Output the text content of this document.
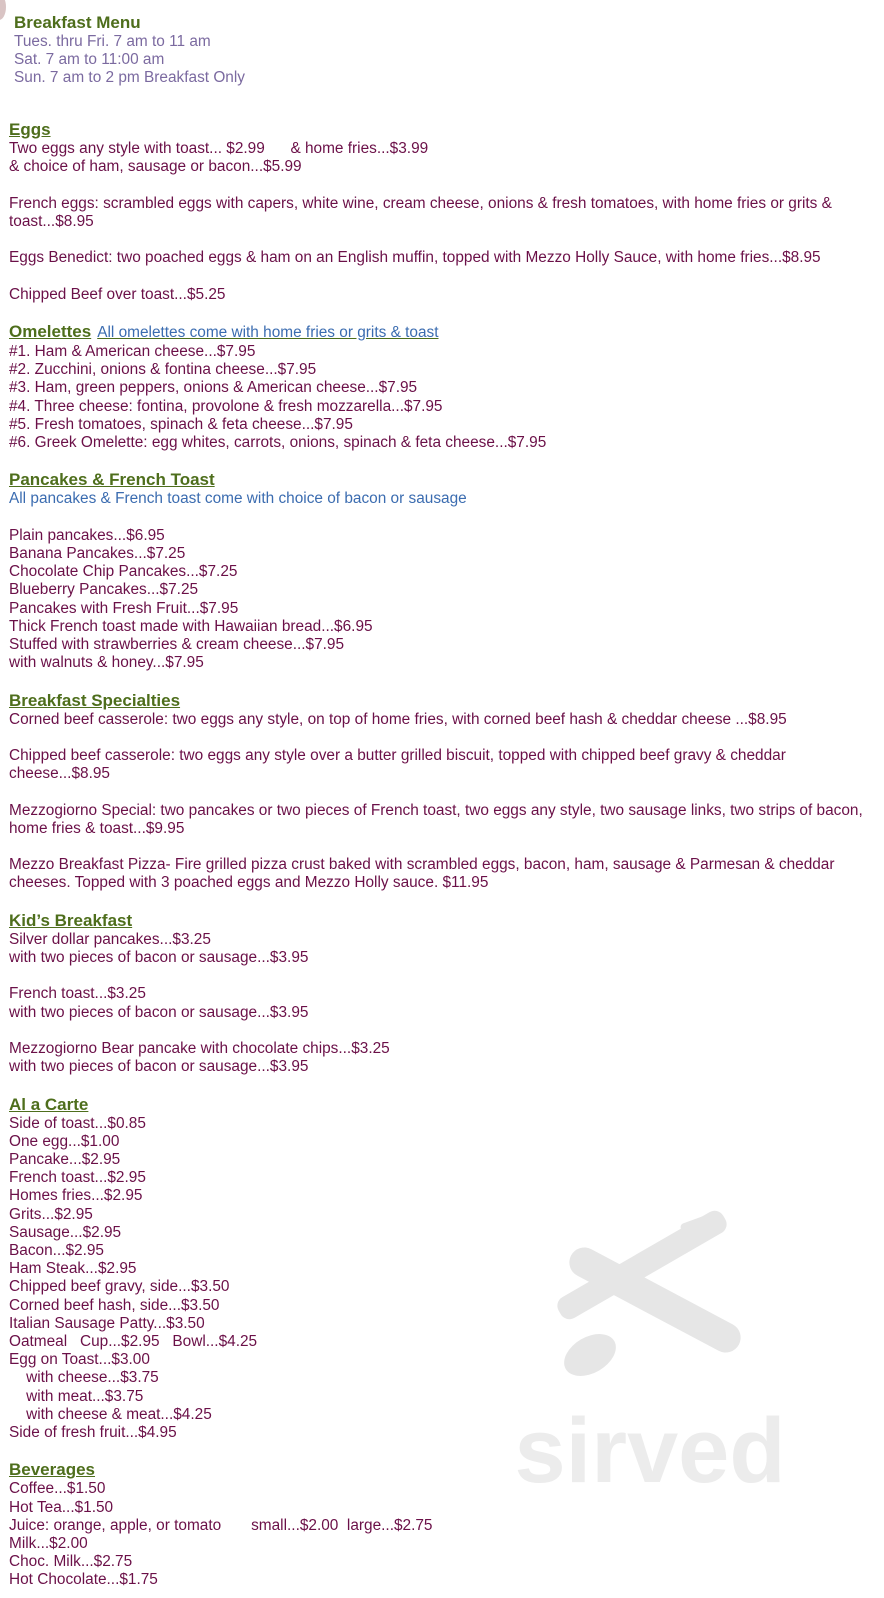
Breakfast Menu
Tues. thru Fri. 7 am to 11 am
Sat. 7 am to 11:00 am
Sun. 7 am to 2 pm Breakfast Only
Eggs
Two eggs any style with toast... $2.99      & home fries...$3.99
& choice of ham, sausage or bacon...$5.99
French eggs: scrambled eggs with capers, white wine, cream cheese, onions & fresh tomatoes, with home fries or grits & toast...$8.95
Eggs Benedict: two poached eggs & ham on an English muffin, topped with Mezzo Holly Sauce, with home fries...$8.95
Chipped Beef over toast...$5.25
Omelettes All omelettes come with home fries or grits & toast
#1. Ham & American cheese...$7.95
#2. Zucchini, onions & fontina cheese...$7.95
#3. Ham, green peppers, onions & American cheese...$7.95
#4. Three cheese: fontina, provolone & fresh mozzarella...$7.95
#5. Fresh tomatoes, spinach & feta cheese...$7.95
#6. Greek Omelette: egg whites, carrots, onions, spinach & feta cheese...$7.95
Pancakes & French Toast
All pancakes & French toast come with choice of bacon or sausage
Plain pancakes...$6.95
Banana Pancakes...$7.25
Chocolate Chip Pancakes...$7.25
Blueberry Pancakes...$7.25
Pancakes with Fresh Fruit...$7.95
Thick French toast made with Hawaiian bread...$6.95
Stuffed with strawberries & cream cheese...$7.95
with walnuts & honey...$7.95
Breakfast Specialties
Corned beef casserole: two eggs any style, on top of home fries, with corned beef hash & cheddar cheese ...$8.95
Chipped beef casserole: two eggs any style over a butter grilled biscuit, topped with chipped beef gravy & cheddar cheese...$8.95
Mezzogiorno Special: two pancakes or two pieces of French toast, two eggs any style, two sausage links, two strips of bacon, home fries & toast...$9.95
Mezzo Breakfast Pizza- Fire grilled pizza crust baked with scrambled eggs, bacon, ham, sausage & Parmesan & cheddar cheeses. Topped with 3 poached eggs and Mezzo Holly sauce. $11.95
Kid’s Breakfast
Silver dollar pancakes...$3.25
with two pieces of bacon or sausage...$3.95
French toast...$3.25
with two pieces of bacon or sausage...$3.95
Mezzogiorno Bear pancake with chocolate chips...$3.25
with two pieces of bacon or sausage...$3.95
Al a Carte
Side of toast...$0.85
One egg...$1.00
Pancake...$2.95
French toast...$2.95
Homes fries...$2.95
Grits...$2.95
Sausage...$2.95
Bacon...$2.95
Ham Steak...$2.95
Chipped beef gravy, side...$3.50
Corned beef hash, side...$3.50
Italian Sausage Patty...$3.50
Oatmeal   Cup...$2.95   Bowl...$4.25
Egg on Toast...$3.00
with cheese...$3.75
with meat...$3.75
with cheese & meat...$4.25
Side of fresh fruit...$4.95
Beverages
Coffee...$1.50
Hot Tea...$1.50
Juice: orange, apple, or tomato       small...$2.00  large...$2.75
Milk...$2.00
Choc. Milk...$2.75
Hot Chocolate...$1.75
sirved
